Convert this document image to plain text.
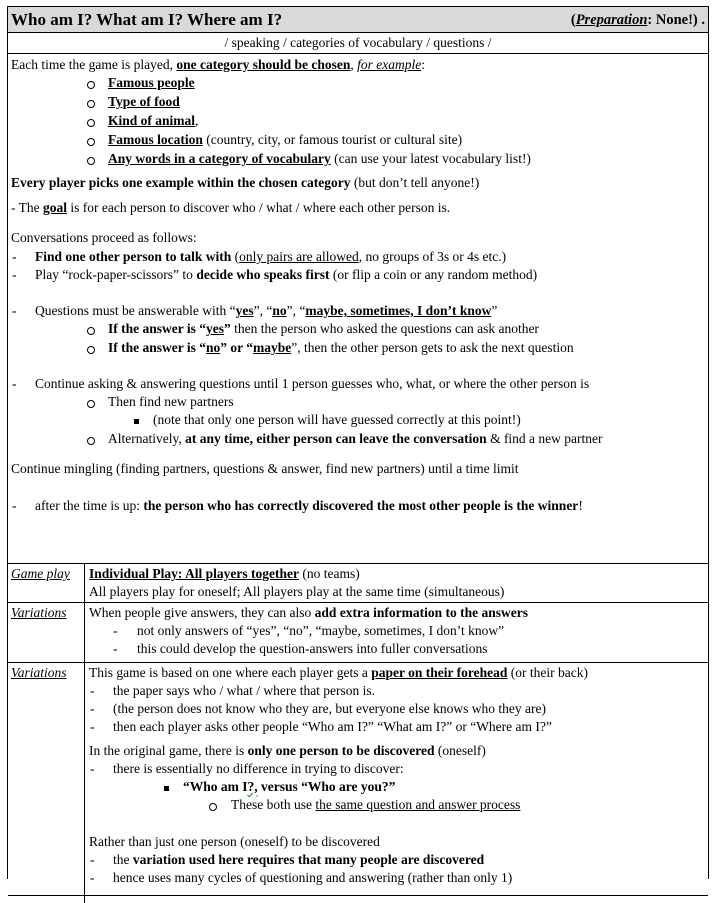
Who am I? What am I? Where am I?	(Preparation: None!) .
/ speaking / categories of vocabulary / questions /
Each time the game is played, one category should be chosen, for example:
Famous people
Type of food
Kind of animal,
Famous location (country, city, or famous tourist or cultural site)
Any words in a category of vocabulary (can use your latest vocabulary list!)
Every player picks one example within the chosen category (but don’t tell anyone!)
- The goal is for each person to discover who / what / where each other person is.
Conversations proceed as follows:
- Find one other person to talk with (only pairs are allowed, no groups of 3s or 4s etc.)
- Play “rock-paper-scissors” to decide who speaks first (or flip a coin or any random method)
- Questions must be answerable with “yes”, “no”, “maybe, sometimes, I don’t know”
If the answer is “yes” then the person who asked the questions can ask another
If the answer is “no” or “maybe”, then the other person gets to ask the next question
- Continue asking & answering questions until 1 person guesses who, what, or where the other person is
Then find new partners
(note that only one person will have guessed correctly at this point!)
Alternatively, at any time, either person can leave the conversation & find a new partner
Continue mingling (finding partners, questions & answer, find new partners) until a time limit
- after the time is up: the person who has correctly discovered the most other people is the winner!
Game play Individual Play: All players together (no teams)
All players play for oneself; All players play at the same time (simultaneous)
Variations When people give answers, they can also add extra information to the answers
- not only answers of “yes”, “no”, “maybe, sometimes, I don’t know”
- this could develop the question-answers into fuller conversations
Variations This game is based on one where each player gets a paper on their forehead (or their back)
- the paper says who / what / where that person is.
- (the person does not know who they are, but everyone else knows who they are)
- then each player asks other people “Who am I?” “What am I?” or “Where am I?”
In the original game, there is only one person to be discovered (oneself)
- there is essentially no difference in trying to discover:
“Who am I?, versus “Who are you?”
These both use the same question and answer process
Rather than just one person (oneself) to be discovered
- the variation used here requires that many people are discovered
- hence uses many cycles of questioning and answering (rather than only 1)
